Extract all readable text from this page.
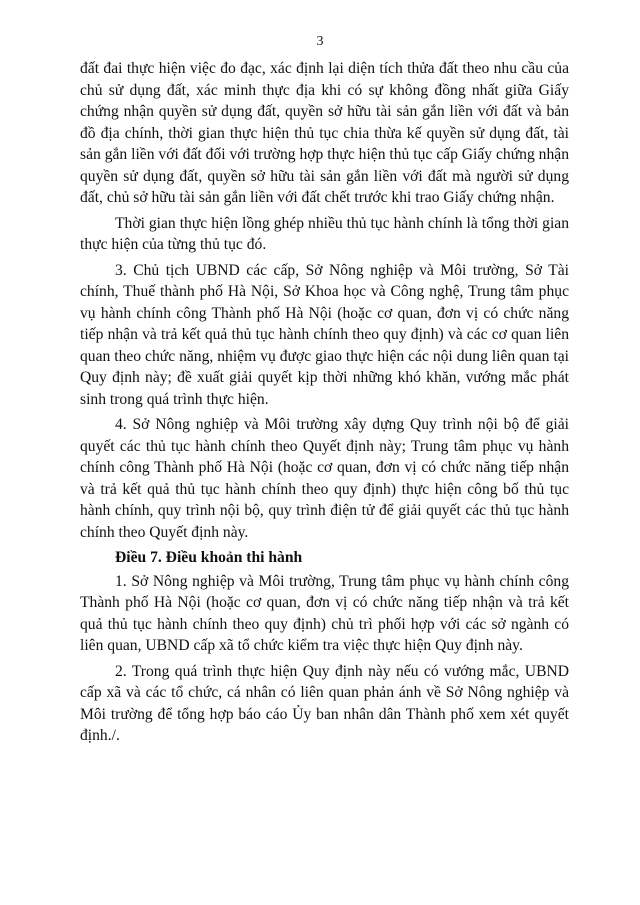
3

đất đai thực hiện việc đo đạc, xác định lại diện tích thửa đất theo nhu cầu của chủ sử dụng đất, xác minh thực địa khi có sự không đồng nhất giữa Giấy chứng nhận quyền sử dụng đất, quyền sở hữu tài sản gắn liền với đất và bản đồ địa chính, thời gian thực hiện thủ tục chia thừa kế quyền sử dụng đất, tài sản gắn liền với đất đối với trường hợp thực hiện thủ tục cấp Giấy chứng nhận quyền sử dụng đất, quyền sở hữu tài sản gắn liền với đất mà người sử dụng đất, chủ sở hữu tài sản gắn liền với đất chết trước khi trao Giấy chứng nhận.

Thời gian thực hiện lồng ghép nhiều thủ tục hành chính là tổng thời gian thực hiện của từng thủ tục đó.

3. Chủ tịch UBND các cấp, Sở Nông nghiệp và Môi trường, Sở Tài chính, Thuế thành phố Hà Nội, Sở Khoa học và Công nghệ, Trung tâm phục vụ hành chính công Thành phố Hà Nội (hoặc cơ quan, đơn vị có chức năng tiếp nhận và trả kết quả thủ tục hành chính theo quy định) và các cơ quan liên quan theo chức năng, nhiệm vụ được giao thực hiện các nội dung liên quan tại Quy định này; đề xuất giải quyết kịp thời những khó khăn, vướng mắc phát sinh trong quá trình thực hiện.

4. Sở Nông nghiệp và Môi trường xây dựng Quy trình nội bộ để giải quyết các thủ tục hành chính theo Quyết định này; Trung tâm phục vụ hành chính công Thành phố Hà Nội (hoặc cơ quan, đơn vị có chức năng tiếp nhận và trả kết quả thủ tục hành chính theo quy định) thực hiện công bố thủ tục hành chính, quy trình nội bộ, quy trình điện tử để giải quyết các thủ tục hành chính theo Quyết định này.

Điều 7. Điều khoản thi hành

1. Sở Nông nghiệp và Môi trường, Trung tâm phục vụ hành chính công Thành phố Hà Nội (hoặc cơ quan, đơn vị có chức năng tiếp nhận và trả kết quả thủ tục hành chính theo quy định) chủ trì phối hợp với các sở ngành có liên quan, UBND cấp xã tổ chức kiểm tra việc thực hiện Quy định này.

2. Trong quá trình thực hiện Quy định này nếu có vướng mắc, UBND cấp xã và các tổ chức, cá nhân có liên quan phản ánh về Sở Nông nghiệp và Môi trường để tổng hợp báo cáo Ủy ban nhân dân Thành phố xem xét quyết định./.
